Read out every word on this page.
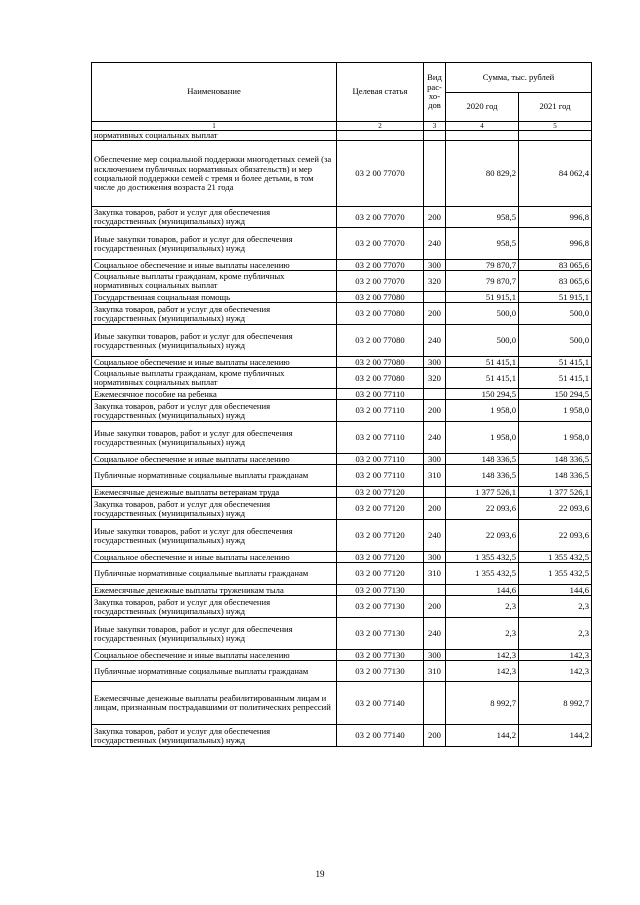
Наименование	Целевая статья	Вид рас-хо-дов	Сумма, тыс. рублей	
			2020 год	2021 год
1	2	3	4	5
нормативных социальных выплат				
Обеспечение мер социальной поддержки многодетных семей (за исключением публичных нормативных обязательств) и мер социальной поддержки семей с тремя и более детьми, в том числе до достижения возраста 21 года	03 2 00 77070		80 829,2	84 062,4
Закупка товаров, работ и услуг для обеспечения государственных (муниципальных) нужд	03 2 00 77070	200	958,5	996,8
Иные закупки товаров, работ и услуг для обеспечения государственных (муниципальных) нужд	03 2 00 77070	240	958,5	996,8
Социальное обеспечение и иные выплаты населению	03 2 00 77070	300	79 870,7	83 065,6
Социальные выплаты гражданам, кроме публичных нормативных социальных выплат	03 2 00 77070	320	79 870,7	83 065,6
Государственная социальная помощь	03 2 00 77080		51 915,1	51 915,1
Закупка товаров, работ и услуг для обеспечения государственных (муниципальных) нужд	03 2 00 77080	200	500,0	500,0
Иные закупки товаров, работ и услуг для обеспечения государственных (муниципальных) нужд	03 2 00 77080	240	500,0	500,0
Социальное обеспечение и иные выплаты населению	03 2 00 77080	300	51 415,1	51 415,1
Социальные выплаты гражданам, кроме публичных нормативных социальных выплат	03 2 00 77080	320	51 415,1	51 415,1
Ежемесячное пособие на ребенка	03 2 00 77110		150 294,5	150 294,5
Закупка товаров, работ и услуг для обеспечения государственных (муниципальных) нужд	03 2 00 77110	200	1 958,0	1 958,0
Иные закупки товаров, работ и услуг для обеспечения государственных (муниципальных) нужд	03 2 00 77110	240	1 958,0	1 958,0
Социальное обеспечение и иные выплаты населению	03 2 00 77110	300	148 336,5	148 336,5
Публичные нормативные социальные выплаты гражданам	03 2 00 77110	310	148 336,5	148 336,5
Ежемесячные денежные выплаты ветеранам труда	03 2 00 77120		1 377 526,1	1 377 526,1
Закупка товаров, работ и услуг для обеспечения государственных (муниципальных) нужд	03 2 00 77120	200	22 093,6	22 093,6
Иные закупки товаров, работ и услуг для обеспечения государственных (муниципальных) нужд	03 2 00 77120	240	22 093,6	22 093,6
Социальное обеспечение и иные выплаты населению	03 2 00 77120	300	1 355 432,5	1 355 432,5
Публичные нормативные социальные выплаты гражданам	03 2 00 77120	310	1 355 432,5	1 355 432,5
Ежемесячные денежные выплаты труженикам тыла	03 2 00 77130		144,6	144,6
Закупка товаров, работ и услуг для обеспечения государственных (муниципальных) нужд	03 2 00 77130	200	2,3	2,3
Иные закупки товаров, работ и услуг для обеспечения государственных (муниципальных) нужд	03 2 00 77130	240	2,3	2,3
Социальное обеспечение и иные выплаты населению	03 2 00 77130	300	142,3	142,3
Публичные нормативные социальные выплаты гражданам	03 2 00 77130	310	142,3	142,3
Ежемесячные денежные выплаты реабилитированным лицам и лицам, признанным пострадавшими от политических репрессий	03 2 00 77140		8 992,7	8 992,7
Закупка товаров, работ и услуг для обеспечения государственных (муниципальных) нужд	03 2 00 77140	200	144,2	144,2
19
